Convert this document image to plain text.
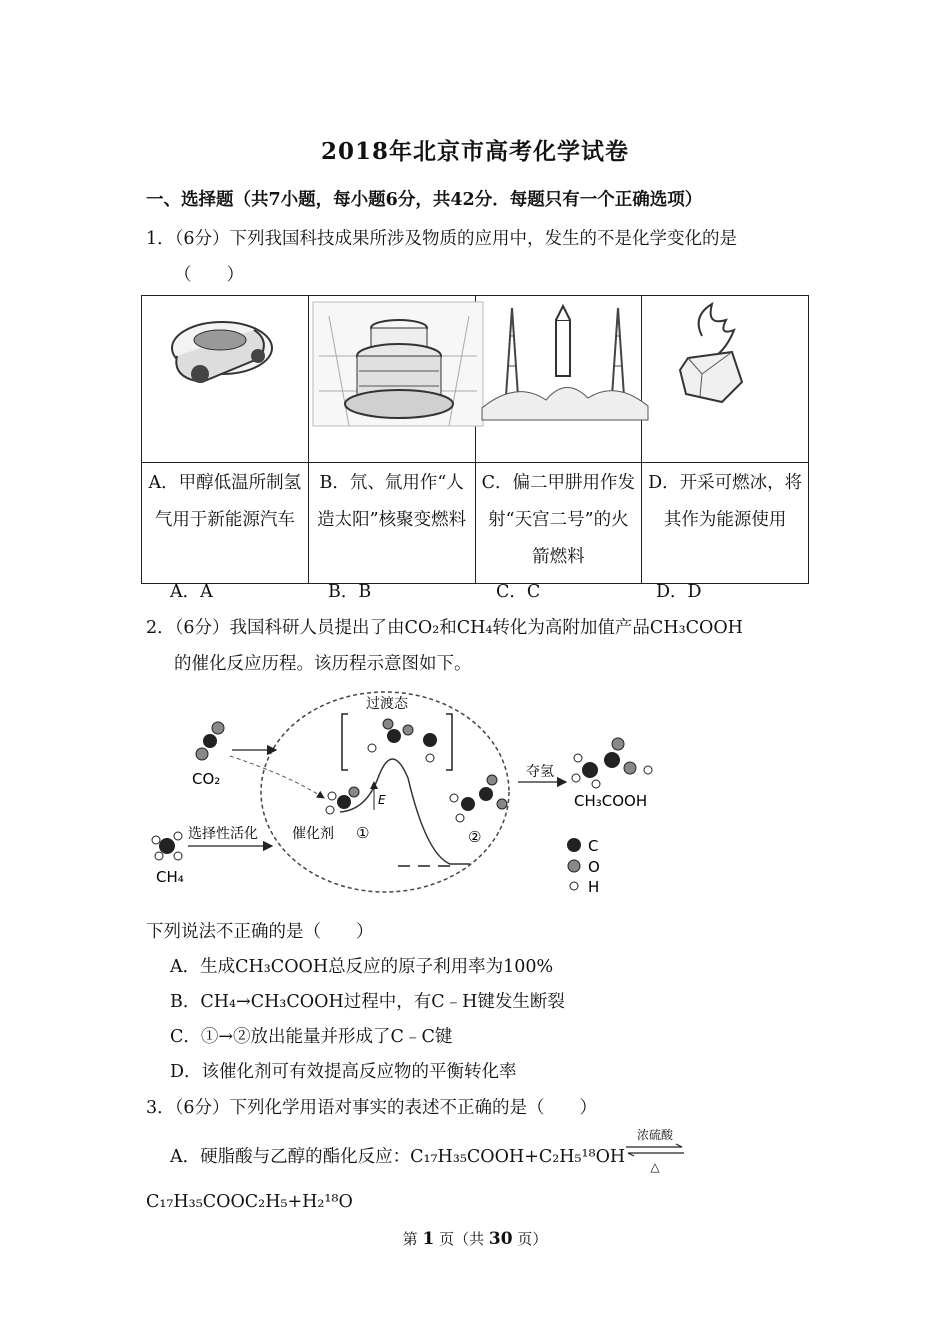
2018年北京市高考化学试卷
一、选择题（共7小题，每小题6分，共42分．每题只有一个正确选项）
1．（6分）下列我国科技成果所涉及物质的应用中，发生的不是化学变化的是
（　　）

A．甲醇低温所制氢气用于新能源汽车	B．氘、氚用作“人造太阳”核聚变燃料	C．偏二甲肼用作发射“天宫二号”的火箭燃料	D．开采可燃冰，将其作为能源使用
A．A	B．B	C．C	D．D
2．（6分）我国科研人员提出了由CO₂和CH₄转化为高附加值产品CH₃COOH
的催化反应历程。该历程示意图如下。
CO₂
CH₄
选择性活化
过渡态
E
催化剂 ①	②
夺氢
CH₃COOH
C
O
H
下列说法不正确的是（　　）
A．生成CH₃COOH总反应的原子利用率为100%
B．CH₄→CH₃COOH过程中，有C﹣H键发生断裂
C．①→②放出能量并形成了C﹣C键
D．该催化剂可有效提高反应物的平衡转化率
3．（6分）下列化学用语对事实的表述不正确的是（　　）
A．硬脂酸与乙醇的酯化反应：C₁₇H₃₅COOH+C₂H₅¹⁸OH
浓硫酸
△
C₁₇H₃₅COOC₂H₅+H₂¹⁸O
第 1 页（共 30 页）
